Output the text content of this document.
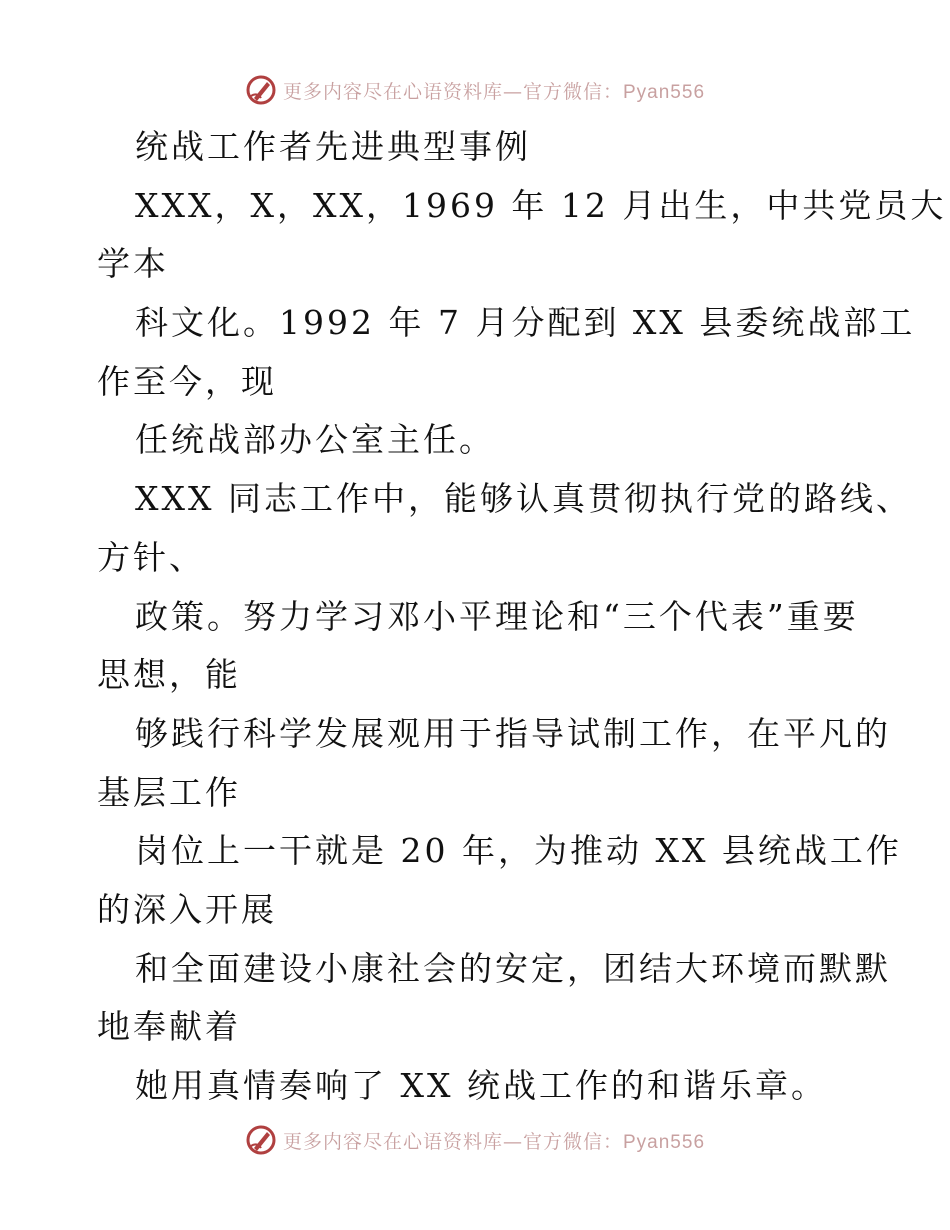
更多内容尽在心语资料库—官方微信：Pyan556
统战工作者先进典型事例
XXX，X，XX，1969 年 12 月出生，中共党员大
学本
科文化。1992 年 7 月分配到 XX 县委统战部工
作至今，现
任统战部办公室主任。
XXX 同志工作中，能够认真贯彻执行党的路线、
方针、
政策。努力学习邓小平理论和“三个代表”重要
思想，能
够践行科学发展观用于指导试制工作，在平凡的
基层工作
岗位上一干就是 20 年，为推动 XX 县统战工作
的深入开展
和全面建设小康社会的安定，团结大环境而默默
地奉献着
她用真情奏响了 XX 统战工作的和谐乐章。
更多内容尽在心语资料库—官方微信：Pyan556
